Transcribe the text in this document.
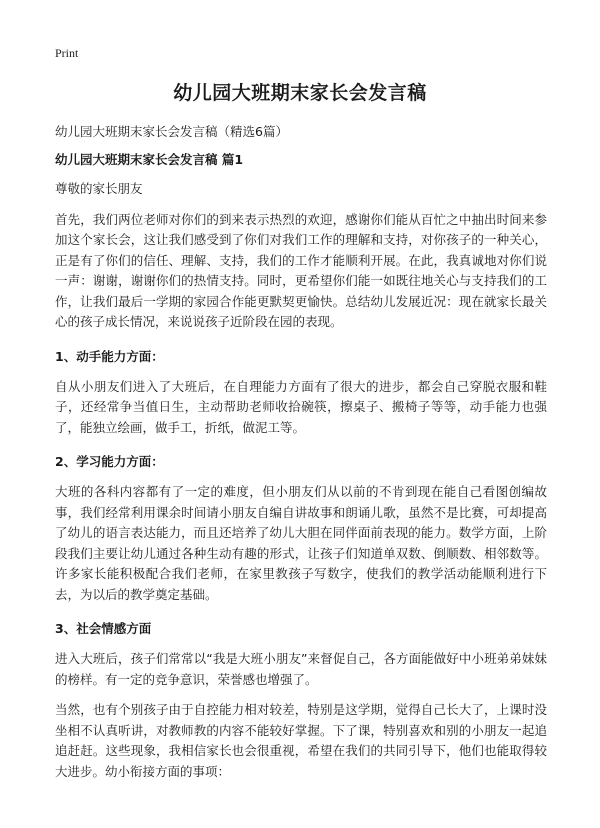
Print
幼儿园大班期末家长会发言稿
幼儿园大班期末家长会发言稿（精选6篇）

幼儿园大班期末家长会发言稿 篇1

尊敬的家长朋友

首先，我们两位老师对你们的到来表示热烈的欢迎，感谢你们能从百忙之中抽出时间来参加这个家长会，这让我们感受到了你们对我们工作的理解和支持，对你孩子的一种关心，正是有了你们的信任、理解、支持，我们的工作才能顺利开展。在此，我真诚地对你们说一声：谢谢，谢谢你们的热情支持。同时，更希望你们能一如既往地关心与支持我们的工作，让我们最后一学期的家园合作能更默契更愉快。总结幼儿发展近况：现在就家长最关心的孩子成长情况，来说说孩子近阶段在园的表现。

1、动手能力方面：

自从小朋友们进入了大班后，在自理能力方面有了很大的进步，都会自己穿脱衣服和鞋子，还经常争当值日生，主动帮助老师收拾碗筷，擦桌子、搬椅子等等，动手能力也强了，能独立绘画，做手工，折纸，做泥工等。

2、学习能力方面：

大班的各科内容都有了一定的难度，但小朋友们从以前的不肯到现在能自己看图创编故事，我们经常利用课余时间请小朋友自编自讲故事和朗诵儿歌，虽然不是比赛，可却提高了幼儿的语言表达能力，而且还培养了幼儿大胆在同伴面前表现的能力。数学方面，上阶段我们主要让幼儿通过各种生动有趣的形式，让孩子们知道单双数、倒顺数、相邻数等。许多家长能积极配合我们老师，在家里教孩子写数字，使我们的教学活动能顺利进行下去，为以后的教学奠定基础。

3、社会情感方面

进入大班后，孩子们常常以“我是大班小朋友”来督促自己，各方面能做好中小班弟弟妹妹的榜样。有一定的竞争意识，荣誉感也增强了。

当然，也有个别孩子由于自控能力相对较差，特别是这学期，觉得自己长大了，上课时没坐相不认真听讲，对教师教的内容不能较好掌握。下了课，特别喜欢和别的小朋友一起追追赶赶。这些现象，我相信家长也会很重视，希望在我们的共同引导下，他们也能取得较大进步。幼小衔接方面的事项：
